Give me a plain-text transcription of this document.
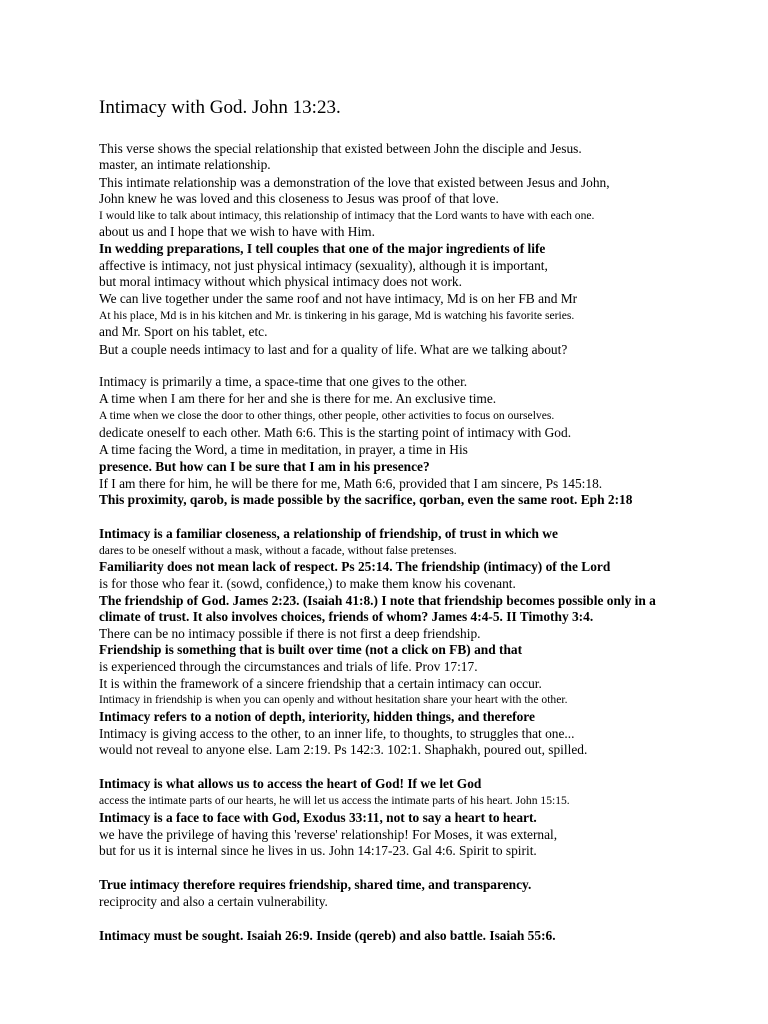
Intimacy with God. John 13:23.
This verse shows the special relationship that existed between John the disciple and Jesus.
master, an intimate relationship.
This intimate relationship was a demonstration of the love that existed between Jesus and John,
John knew he was loved and this closeness to Jesus was proof of that love.
I would like to talk about intimacy, this relationship of intimacy that the Lord wants to have with each one.
about us and I hope that we wish to have with Him.
In wedding preparations, I tell couples that one of the major ingredients of life
affective is intimacy, not just physical intimacy (sexuality), although it is important,
but moral intimacy without which physical intimacy does not work.
We can live together under the same roof and not have intimacy, Md is on her FB and Mr
At his place, Md is in his kitchen and Mr. is tinkering in his garage, Md is watching his favorite series.
and Mr. Sport on his tablet, etc.
But a couple needs intimacy to last and for a quality of life. What are we talking about?
Intimacy is primarily a time, a space-time that one gives to the other.
A time when I am there for her and she is there for me. An exclusive time.
A time when we close the door to other things, other people, other activities to focus on ourselves.
dedicate oneself to each other. Math 6:6. This is the starting point of intimacy with God.
A time facing the Word, a time in meditation, in prayer, a time in His
presence. But how can I be sure that I am in his presence?
If I am there for him, he will be there for me, Math 6:6, provided that I am sincere, Ps 145:18.
This proximity, qarob, is made possible by the sacrifice, qorban, even the same root. Eph 2:18
Intimacy is a familiar closeness, a relationship of friendship, of trust in which we
dares to be oneself without a mask, without a facade, without false pretenses.
Familiarity does not mean lack of respect. Ps 25:14. The friendship (intimacy) of the Lord
is for those who fear it. (sowd, confidence,) to make them know his covenant.
The friendship of God. James 2:23. (Isaiah 41:8.) I note that friendship becomes possible only in a
climate of trust. It also involves choices, friends of whom? James 4:4-5. II Timothy 3:4.
There can be no intimacy possible if there is not first a deep friendship.
Friendship is something that is built over time (not a click on FB) and that
is experienced through the circumstances and trials of life. Prov 17:17.
It is within the framework of a sincere friendship that a certain intimacy can occur.
Intimacy in friendship is when you can openly and without hesitation share your heart with the other.
Intimacy refers to a notion of depth, interiority, hidden things, and therefore
Intimacy is giving access to the other, to an inner life, to thoughts, to struggles that one...
would not reveal to anyone else. Lam 2:19. Ps 142:3. 102:1. Shaphakh, poured out, spilled.
Intimacy is what allows us to access the heart of God! If we let God
access the intimate parts of our hearts, he will let us access the intimate parts of his heart. John 15:15.
Intimacy is a face to face with God, Exodus 33:11, not to say a heart to heart.
we have the privilege of having this 'reverse' relationship! For Moses, it was external,
but for us it is internal since he lives in us. John 14:17-23. Gal 4:6. Spirit to spirit.
True intimacy therefore requires friendship, shared time, and transparency.
reciprocity and also a certain vulnerability.
Intimacy must be sought. Isaiah 26:9. Inside (qereb) and also battle. Isaiah 55:6.
